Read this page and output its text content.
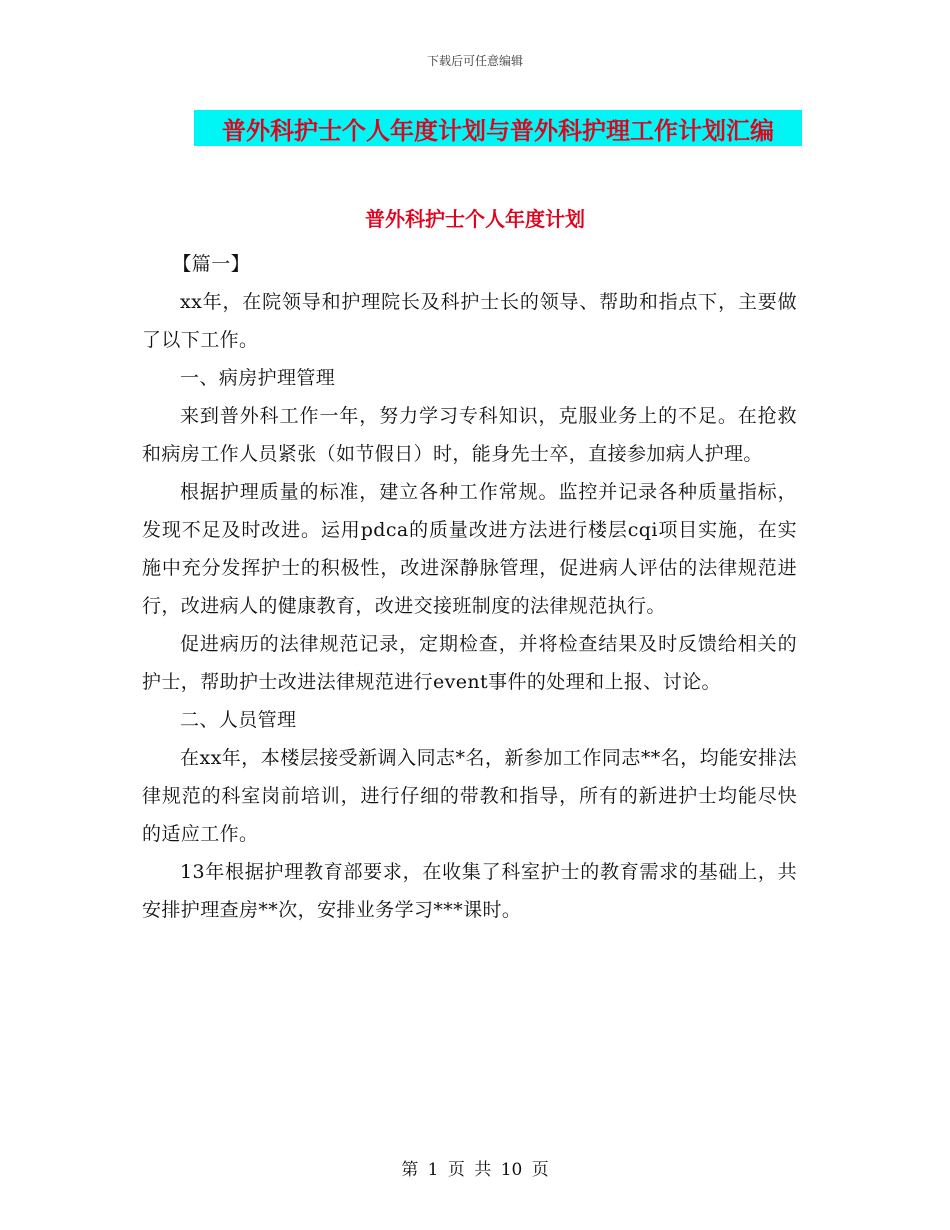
下载后可任意编辑
普外科护士个人年度计划与普外科护理工作计划汇编
普外科护士个人年度计划

【篇一】

xx年，在院领导和护理院长及科护士长的领导、帮助和指点下，主要做了以下工作。

一、病房护理管理

来到普外科工作一年，努力学习专科知识，克服业务上的不足。在抢救和病房工作人员紧张（如节假日）时，能身先士卒，直接参加病人护理。

根据护理质量的标准，建立各种工作常规。监控并记录各种质量指标，发现不足及时改进。运用pdca的质量改进方法进行楼层cqi项目实施，在实施中充分发挥护士的积极性，改进深静脉管理，促进病人评估的法律规范进行，改进病人的健康教育，改进交接班制度的法律规范执行。

促进病历的法律规范记录，定期检查，并将检查结果及时反馈给相关的护士，帮助护士改进法律规范进行event事件的处理和上报、讨论。

二、人员管理

在xx年，本楼层接受新调入同志*名，新参加工作同志**名，均能安排法律规范的科室岗前培训，进行仔细的带教和指导，所有的新进护士均能尽快的适应工作。

13年根据护理教育部要求，在收集了科室护士的教育需求的基础上，共安排护理查房**次，安排业务学习***课时。

第 1 页 共 10 页
